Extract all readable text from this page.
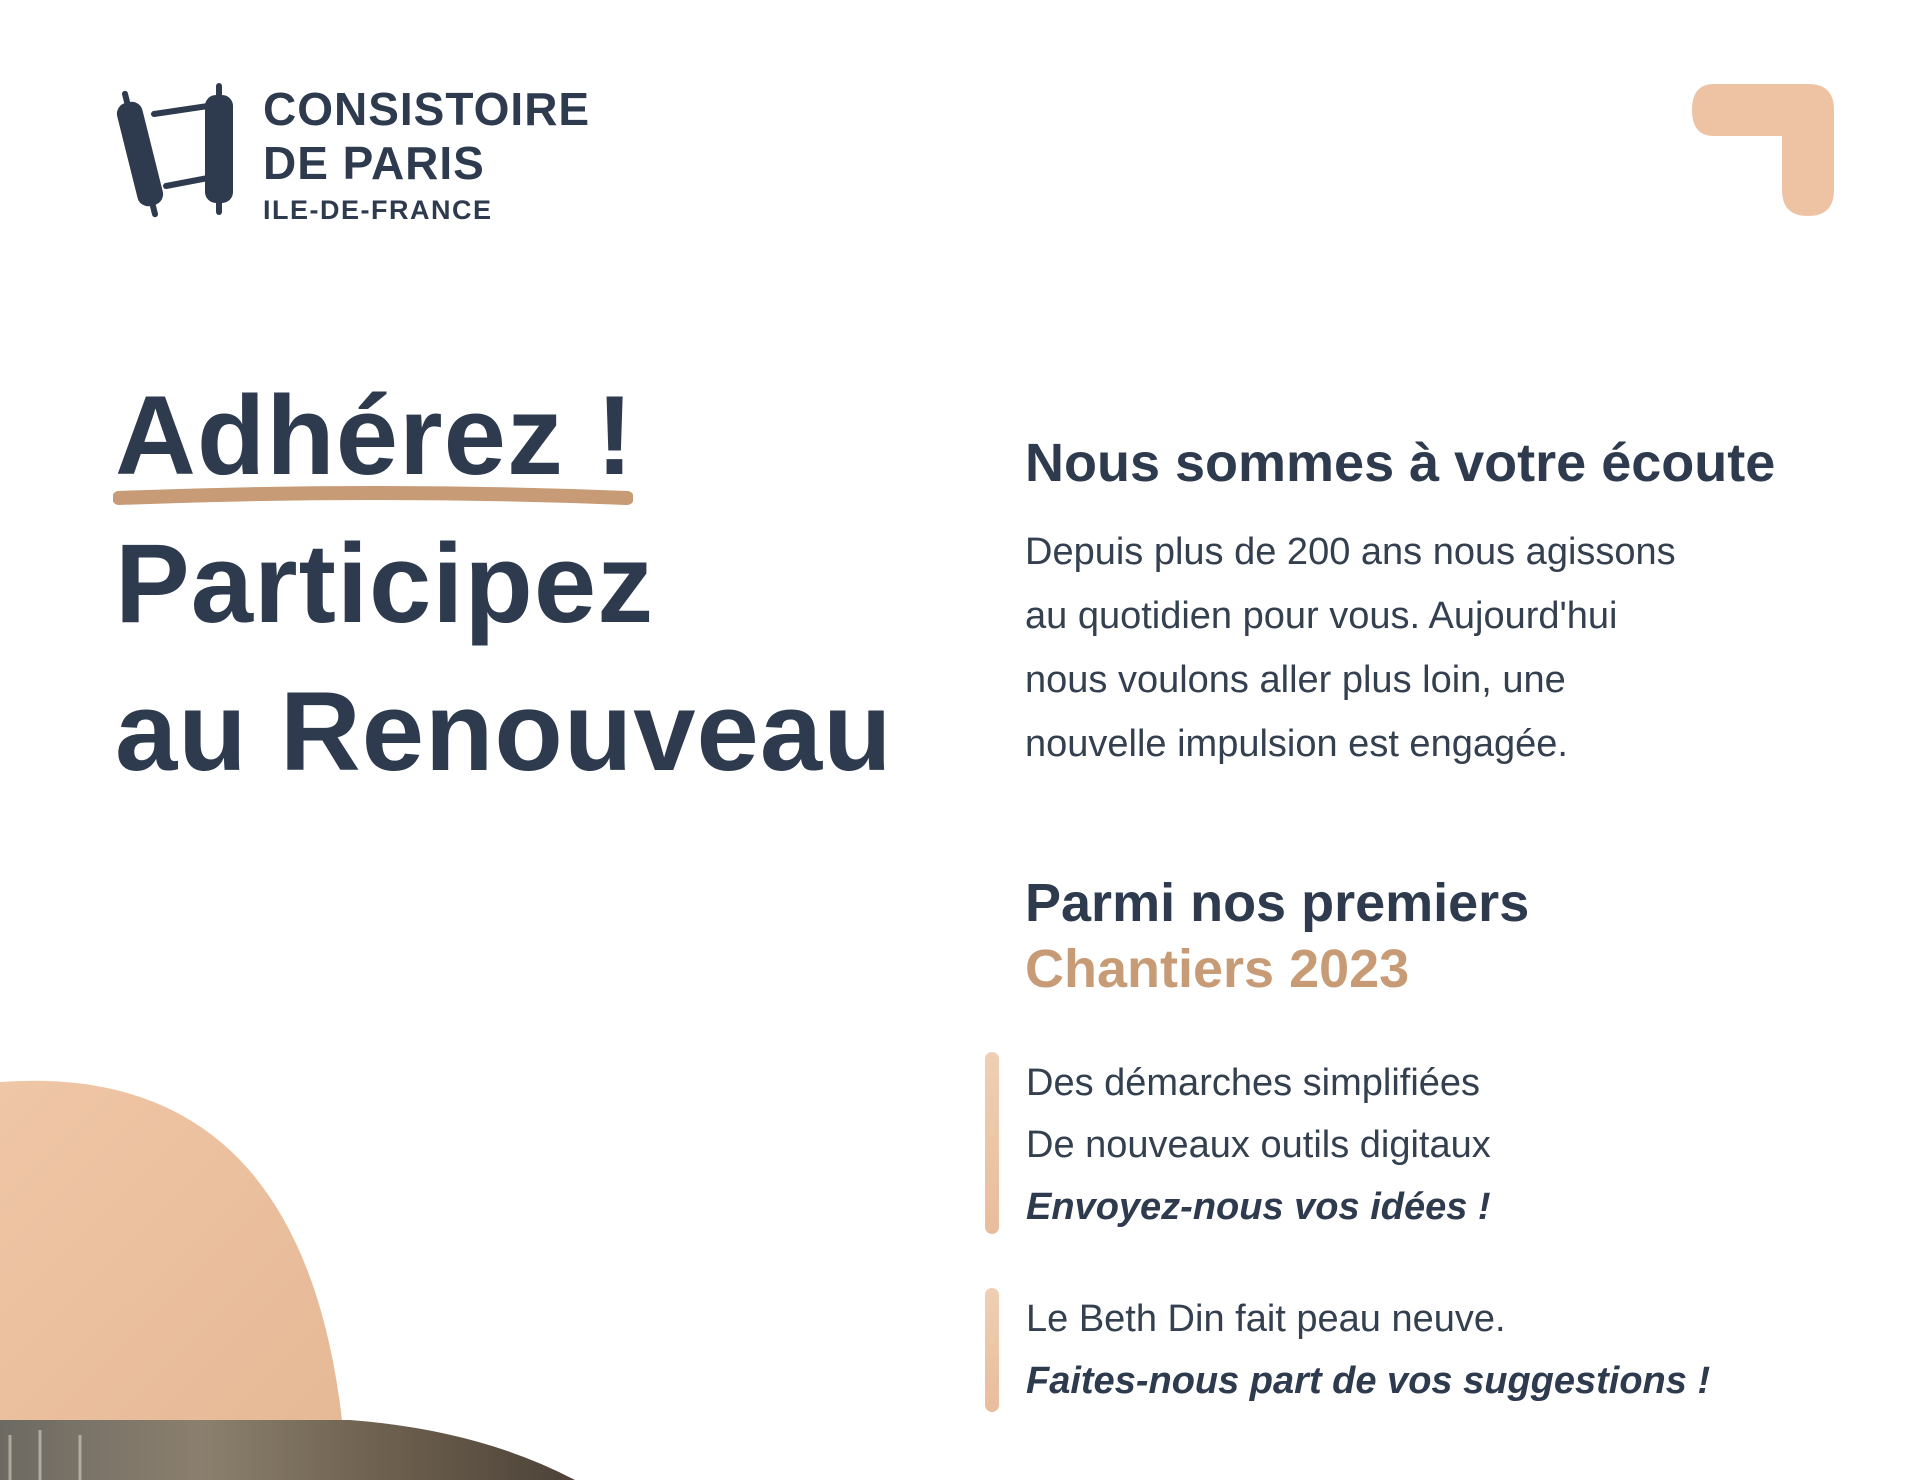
CONSISTOIRE
DE PARIS
ILE-DE-FRANCE
Adhérez !
Participez
au Renouveau
Nous sommes à votre écoute
Depuis plus de 200 ans nous agissons
au quotidien pour vous. Aujourd'hui
nous voulons aller plus loin, une
nouvelle impulsion est engagée.
Parmi nos premiers
Chantiers 2023
Des démarches simplifiées
De nouveaux outils digitaux
Envoyez-nous vos idées !
Le Beth Din fait peau neuve.
Faites-nous part de vos suggestions !
